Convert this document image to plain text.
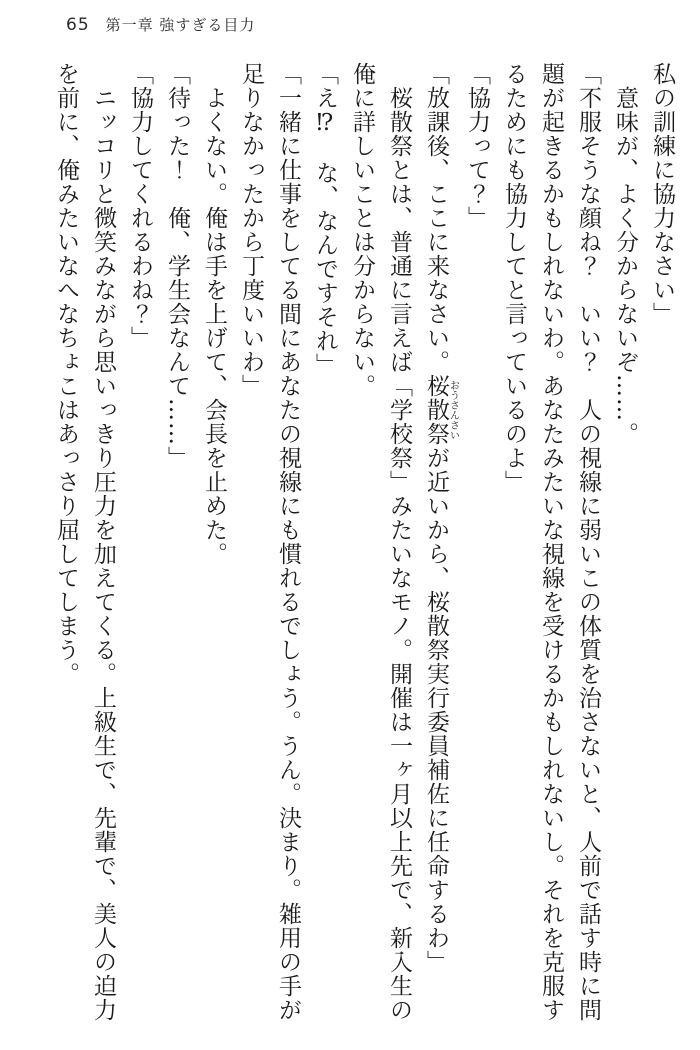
65 第一章 強すぎる目力
私の訓練に協力なさい」
意味が、よく分からないぞ……。
「不服そうな顔ね？　いい？　人の視線に弱いこの体質を治さないと、人前で話す時に問題が起きるかもしれないわ。あなたみたいな視線を受けるかもしれないし。それを克服するためにも協力してと言っているのよ」
「協力って？」
「放課後、ここに来なさい。桜散祭おうさんさいが近いから、桜散祭実行委員補佐に任命するわ」
桜散祭とは、普通に言えば「学校祭」みたいなモノ。開催は一ヶ月以上先で、新入生の俺に詳しいことは分からない。
「え⁉　な、なんですそれ」
「一緒に仕事をしてる間にあなたの視線にも慣れるでしょう。うん。決まり。雑用の手が足りなかったから丁度いいわ」
よくない。俺は手を上げて、会長を止めた。
「待った！　俺、学生会なんて……」
「協力してくれるわね？」
ニッコリと微笑みながら思いっきり圧力を加えてくる。上級生で、先輩で、美人の迫力を前に、俺みたいなへなちょこはあっさり屈してしまう。
